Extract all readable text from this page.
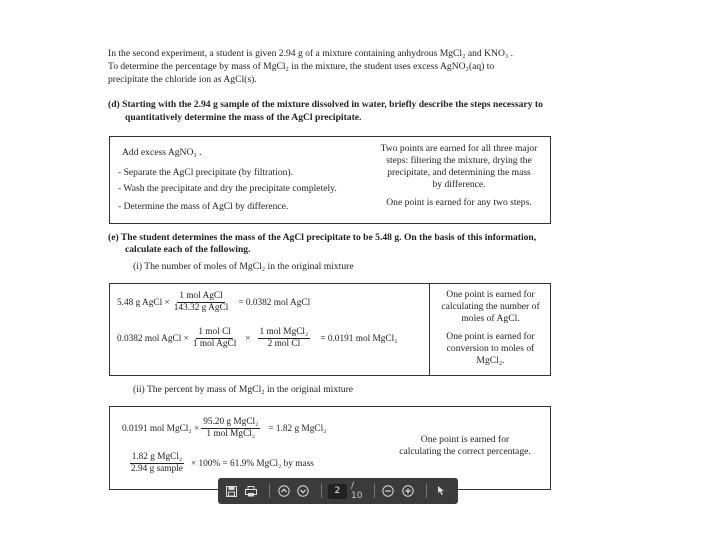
In the second experiment, a student is given 2.94 g of a mixture containing anhydrous MgCl₂ and KNO₃ .
To determine the percentage by mass of MgCl₂ in the mixture, the student uses excess AgNO₃(aq) to
precipitate the chloride ion as AgCl(s).
(d) Starting with the 2.94 g sample of the mixture dissolved in water, briefly describe the steps necessary to
quantitatively determine the mass of the AgCl precipitate.
Add excess AgNO₃ .
- Separate the AgCl precipitate (by filtration).
- Wash the precipitate and dry the precipitate completely.
- Determine the mass of AgCl by difference.
Two points are earned for all three major
steps: filtering the mixture, drying the
precipitate, and determining the mass
by difference.
One point is earned for any two steps.
(e) The student determines the mass of the AgCl precipitate to be 5.48 g. On the basis of this information,
calculate each of the following.
(i) The number of moles of MgCl₂ in the original mixture
5.48 g AgCl × $\frac{\text{1 mol AgCl}}{\text{143.32 g AgCl}} = 0.0382$ mol AgCl
0.0382 mol AgCl × $\frac{\text{1 mol Cl}}{\text{1 mol AgCl}} \times \frac{\text{1 mol MgCl₂}}{\text{2 mol Cl}} = 0.0191$ mol MgCl₂
One point is earned for
calculating the number of
moles of AgCl.
One point is earned for
conversion to moles of
MgCl₂.
(ii) The percent by mass of MgCl₂ in the original mixture
0.0191 mol MgCl₂ × $\frac{\text{95.20 g MgCl₂}}{\text{1 mol MgCl₂}} = 1.82$ g MgCl₂
$\frac{\text{1.82 g MgCl₂}}{\text{2.94 g sample}} \times 100\% = 61.9\%$ MgCl₂ by mass
One point is earned for
calculating the correct percentage.
2	/ 10
